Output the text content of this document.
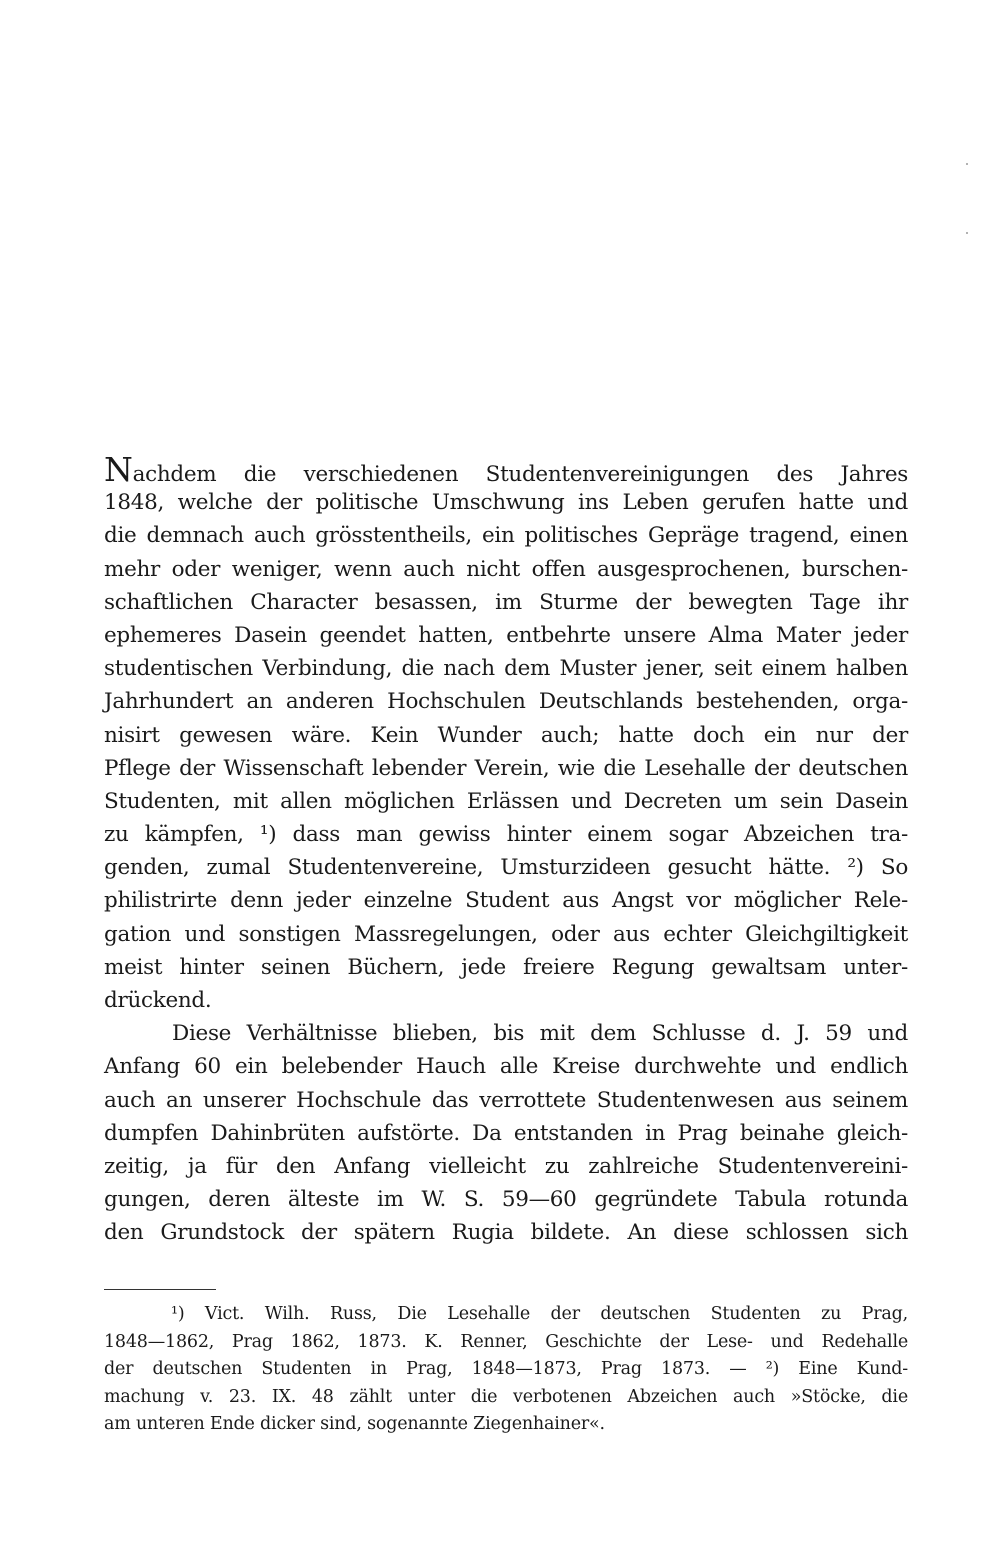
Nachdem die verschiedenen Studentenvereinigungen des Jahres
1848, welche der politische Umschwung ins Leben gerufen hatte und
die demnach auch grösstentheils, ein politisches Gepräge tragend, einen
mehr oder weniger, wenn auch nicht offen ausgesprochenen, burschen-
schaftlichen Character besassen, im Sturme der bewegten Tage ihr
ephemeres Dasein geendet hatten, entbehrte unsere Alma Mater jeder
studentischen Verbindung, die nach dem Muster jener, seit einem halben
Jahrhundert an anderen Hochschulen Deutschlands bestehenden, orga-
nisirt gewesen wäre. Kein Wunder auch; hatte doch ein nur der
Pflege der Wissenschaft lebender Verein, wie die Lesehalle der deutschen
Studenten, mit allen möglichen Erlässen und Decreten um sein Dasein
zu kämpfen, ¹) dass man gewiss hinter einem sogar Abzeichen tra-
genden, zumal Studentenvereine, Umsturzideen gesucht hätte. ²) So
philistrirte denn jeder einzelne Student aus Angst vor möglicher Rele-
gation und sonstigen Massregelungen, oder aus echter Gleichgiltigkeit
meist hinter seinen Büchern, jede freiere Regung gewaltsam unter-
drückend.
Diese Verhältnisse blieben, bis mit dem Schlusse d. J. 59 und
Anfang 60 ein belebender Hauch alle Kreise durchwehte und endlich
auch an unserer Hochschule das verrottete Studentenwesen aus seinem
dumpfen Dahinbrüten aufstörte. Da entstanden in Prag beinahe gleich-
zeitig, ja für den Anfang vielleicht zu zahlreiche Studentenvereini-
gungen, deren älteste im W. S. 59—60 gegründete Tabula rotunda
den Grundstock der spätern Rugia bildete. An diese schlossen sich
¹) Vict. Wilh. Russ, Die Lesehalle der deutschen Studenten zu Prag,
1848—1862, Prag 1862, 1873. K. Renner, Geschichte der Lese- und Redehalle
der deutschen Studenten in Prag, 1848—1873, Prag 1873. — ²) Eine Kund-
machung v. 23. IX. 48 zählt unter die verbotenen Abzeichen auch »Stöcke, die
am unteren Ende dicker sind, sogenannte Ziegenhainer«.
